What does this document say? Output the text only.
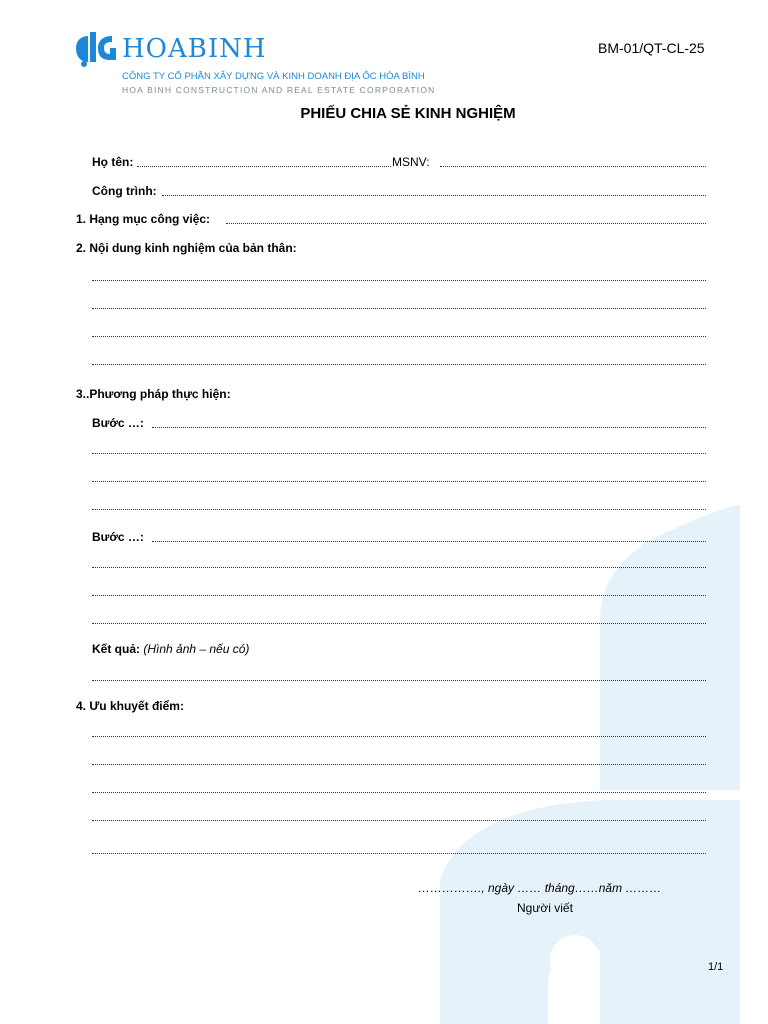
HOABINH
CÔNG TY CỔ PHẦN XÂY DỰNG VÀ KINH DOANH ĐỊA ỐC HÒA BÌNH
HOA BINH CONSTRUCTION AND REAL ESTATE CORPORATION
BM-01/QT-CL-25
PHIẾU CHIA SẺ KINH NGHIỆM
Họ tên:	MSNV:
Công trình:
1. Hạng mục công việc:
2. Nội dung kinh nghiệm của bản thân:
3..Phương pháp thực hiện:
Bước …:
Bước …:
Kết quả: (Hình ảnh – nếu có)
4. Ưu khuyết điểm:
……………., ngày …… tháng……năm ………
Người viết
1/1
